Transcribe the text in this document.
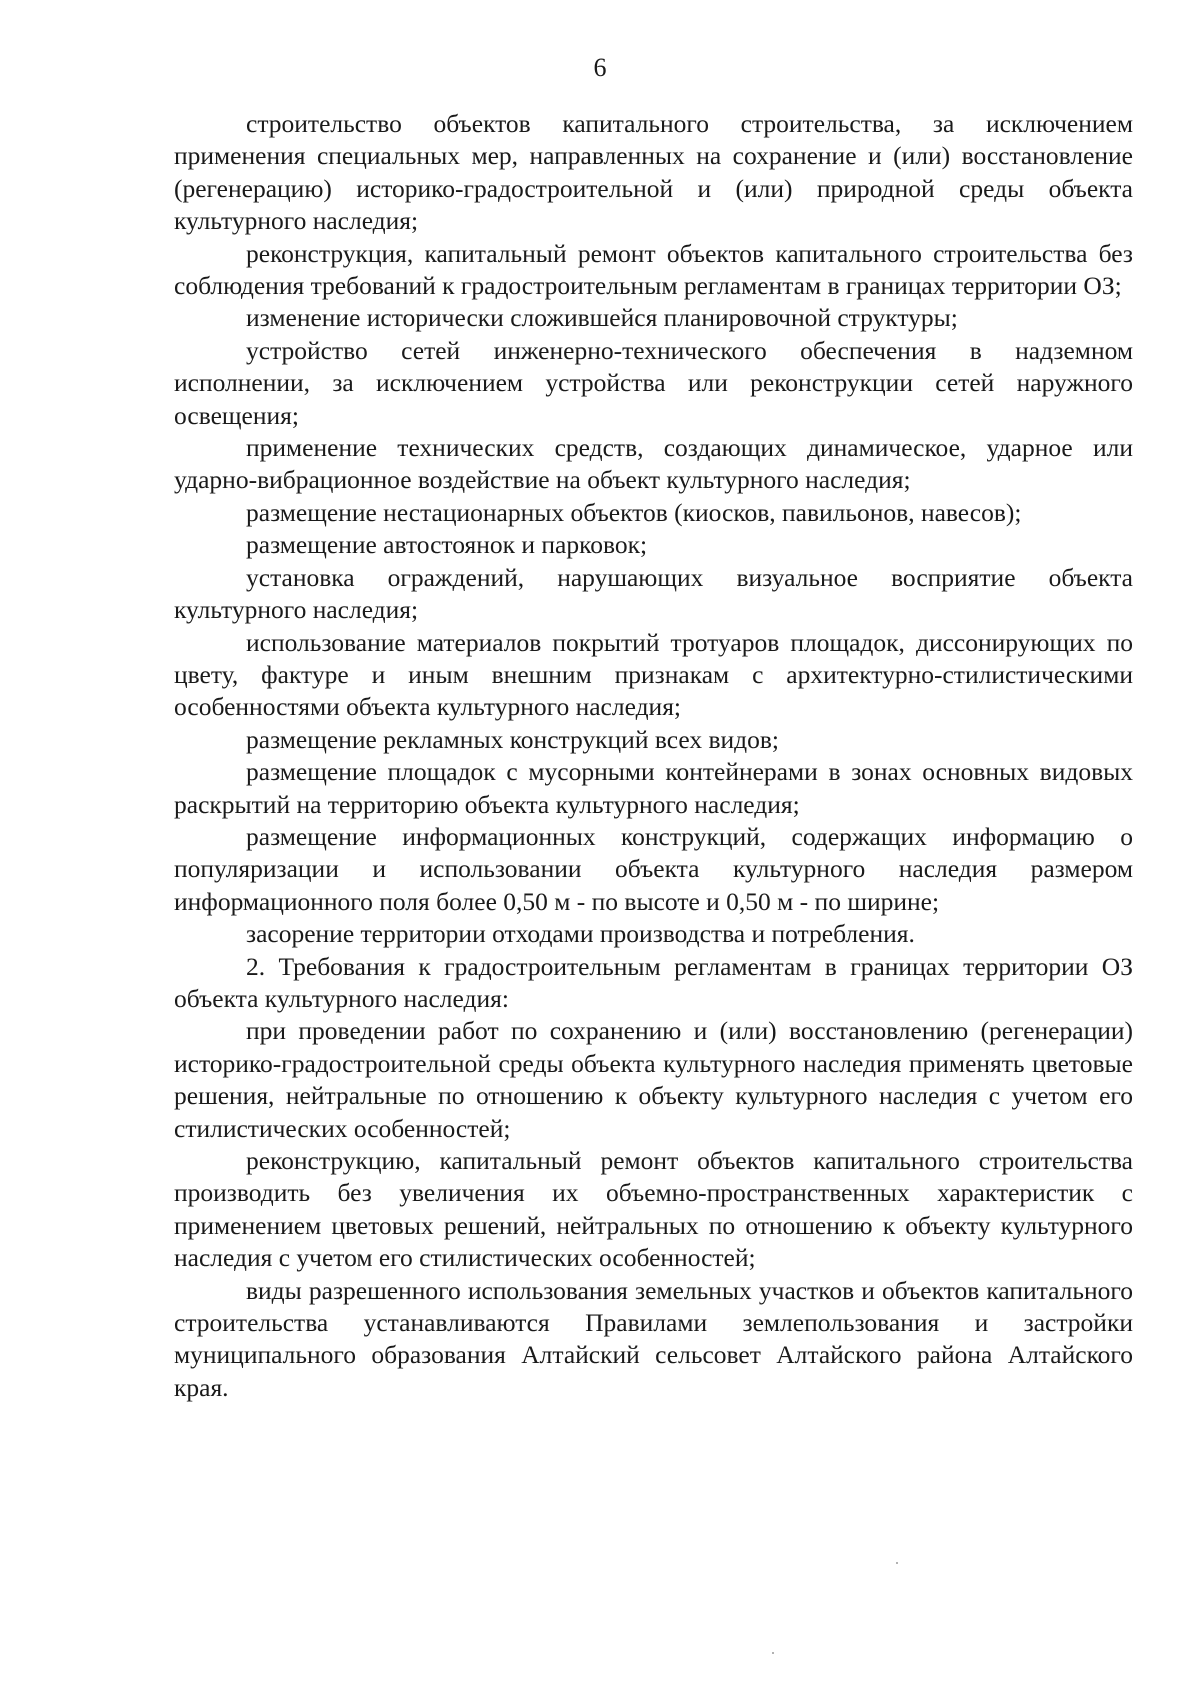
6

строительство объектов капитального строительства, за исключением применения специальных мер, направленных на сохранение и (или) восстановление (регенерацию) историко-градостроительной и (или) природной среды объекта культурного наследия;

реконструкция, капитальный ремонт объектов капитального строительства без соблюдения требований к градостроительным регламентам в границах территории ОЗ;

изменение исторически сложившейся планировочной структуры;

устройство сетей инженерно-технического обеспечения в надземном исполнении, за исключением устройства или реконструкции сетей наружного освещения;

применение технических средств, создающих динамическое, ударное или ударно-вибрационное воздействие на объект культурного наследия;

размещение нестационарных объектов (киосков, павильонов, навесов);

размещение автостоянок и парковок;

установка ограждений, нарушающих визуальное восприятие объекта культурного наследия;

использование материалов покрытий тротуаров площадок, диссонирующих по цвету, фактуре и иным внешним признакам с архитектурно-стилистическими особенностями объекта культурного наследия;

размещение рекламных конструкций всех видов;

размещение площадок с мусорными контейнерами в зонах основных видовых раскрытий на территорию объекта культурного наследия;

размещение информационных конструкций, содержащих информацию о популяризации и использовании объекта культурного наследия размером информационного поля более 0,50 м - по высоте и 0,50 м - по ширине;

засорение территории отходами производства и потребления.

2. Требования к градостроительным регламентам в границах территории ОЗ объекта культурного наследия:

при проведении работ по сохранению и (или) восстановлению (регенерации) историко-градостроительной среды объекта культурного наследия применять цветовые решения, нейтральные по отношению к объекту культурного наследия с учетом его стилистических особенностей;

реконструкцию, капитальный ремонт объектов капитального строительства производить без увеличения их объемно-пространственных характеристик с применением цветовых решений, нейтральных по отношению к объекту культурного наследия с учетом его стилистических особенностей;

виды разрешенного использования земельных участков и объектов капитального строительства устанавливаются Правилами землепользования и застройки муниципального образования Алтайский сельсовет Алтайского района Алтайского края.
